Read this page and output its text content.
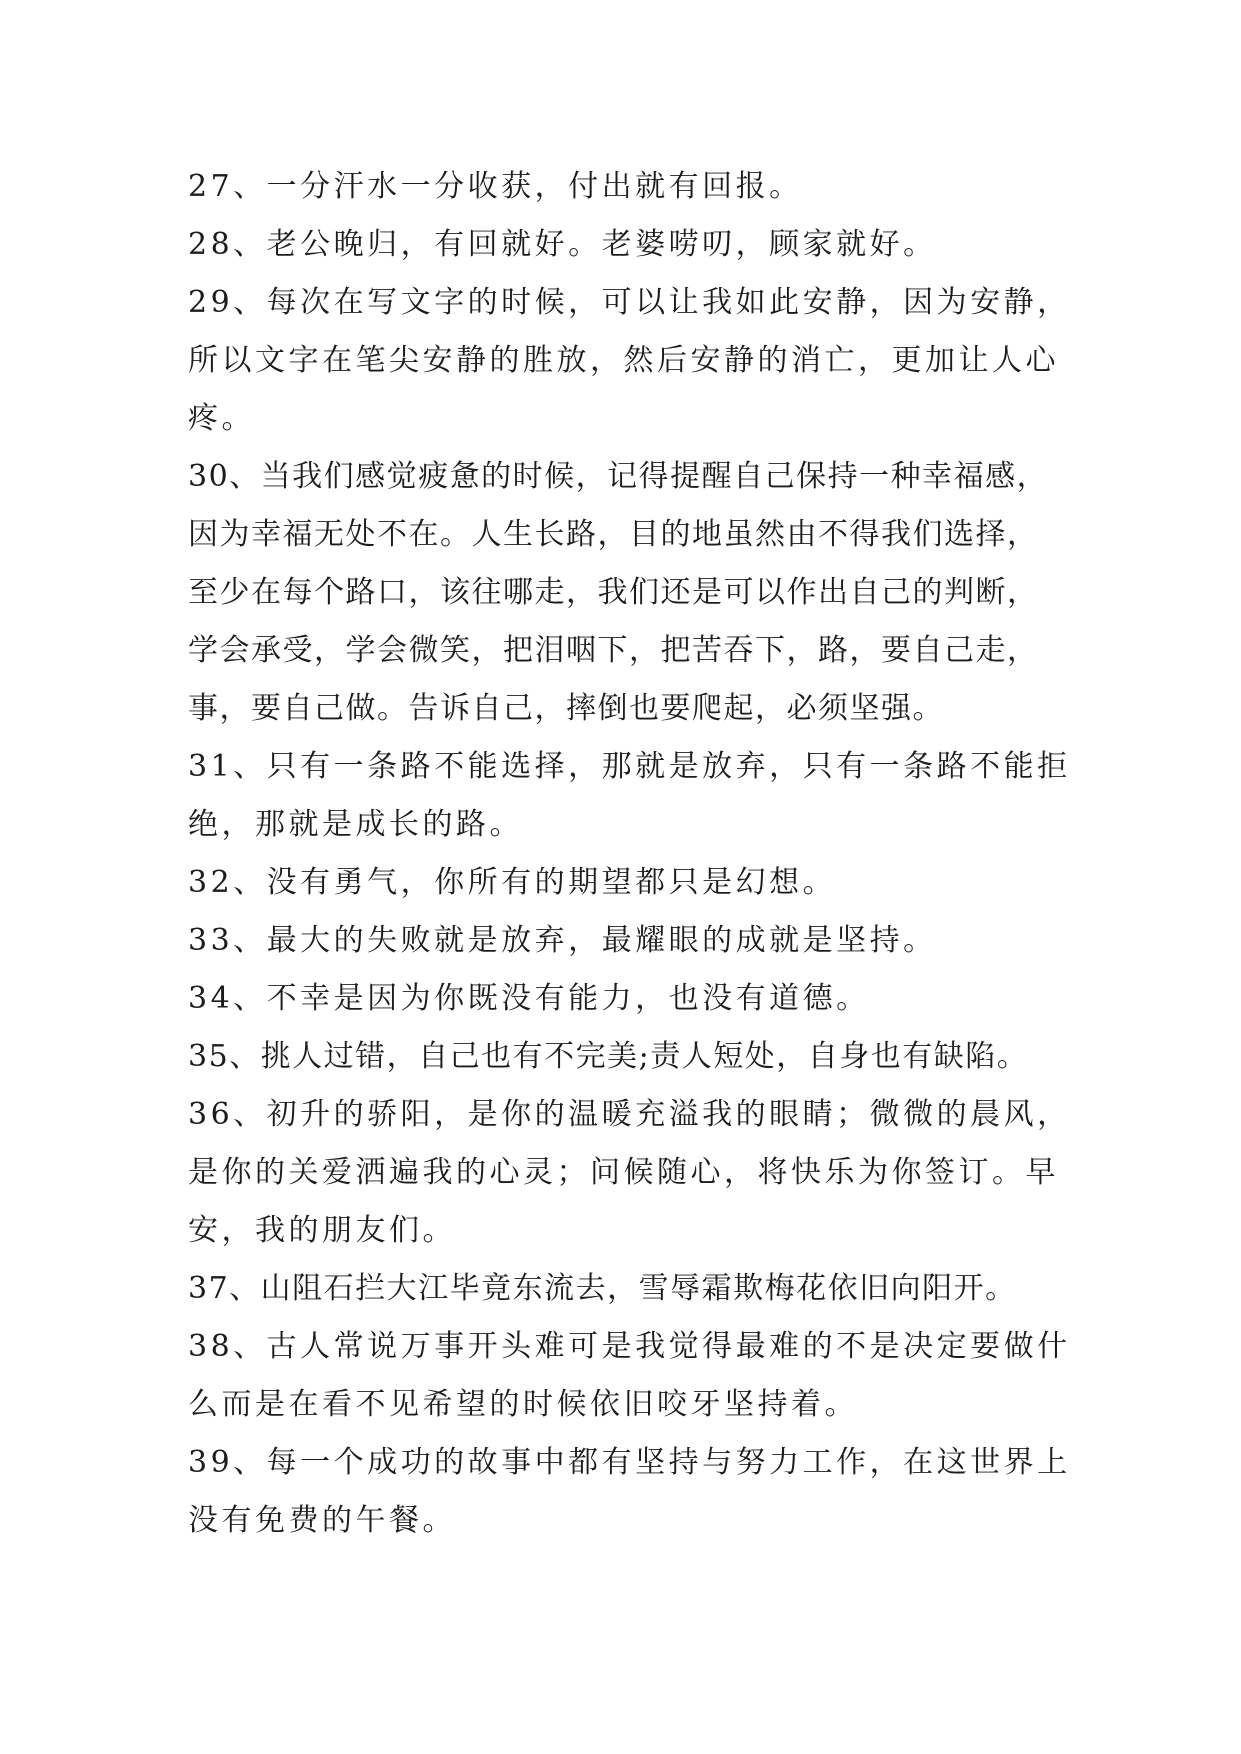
27、一分汗水一分收获，付出就有回报。
28、老公晚归，有回就好。老婆唠叨，顾家就好。
29、每次在写文字的时候，可以让我如此安静，因为安静，
所以文字在笔尖安静的胜放，然后安静的消亡，更加让人心
疼。
30、当我们感觉疲惫的时候，记得提醒自己保持一种幸福感，
因为幸福无处不在。人生长路，目的地虽然由不得我们选择，
至少在每个路口，该往哪走，我们还是可以作出自己的判断，
学会承受，学会微笑，把泪咽下，把苦吞下，路，要自己走，
事，要自己做。告诉自己，摔倒也要爬起，必须坚强。
31、只有一条路不能选择，那就是放弃，只有一条路不能拒
绝，那就是成长的路。
32、没有勇气，你所有的期望都只是幻想。
33、最大的失败就是放弃，最耀眼的成就是坚持。
34、不幸是因为你既没有能力，也没有道德。
35、挑人过错，自己也有不完美;责人短处，自身也有缺陷。
36、初升的骄阳，是你的温暖充溢我的眼睛；微微的晨风，
是你的关爱洒遍我的心灵；问候随心，将快乐为你签订。早
安，我的朋友们。
37、山阻石拦大江毕竟东流去，雪辱霜欺梅花依旧向阳开。
38、古人常说万事开头难可是我觉得最难的不是决定要做什
么而是在看不见希望的时候依旧咬牙坚持着。
39、每一个成功的故事中都有坚持与努力工作，在这世界上
没有免费的午餐。
